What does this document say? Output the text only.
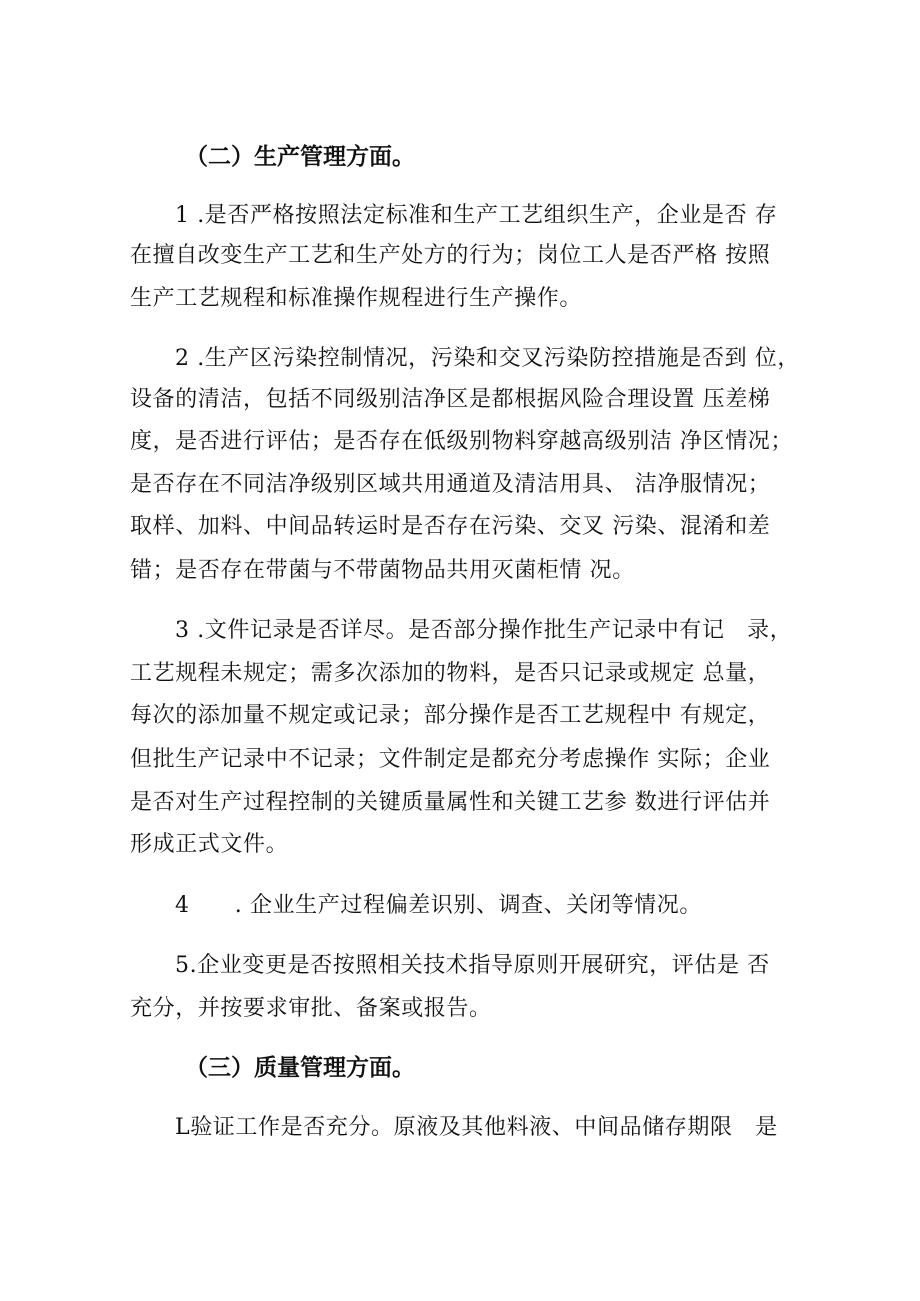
（二）生产管理方面。
1 .是否严格按照法定标准和生产工艺组织生产，企业是否 存
在擅自改变生产工艺和生产处方的行为；岗位工人是否严格 按照
生产工艺规程和标准操作规程进行生产操作。
2 .生产区污染控制情况，污染和交叉污染防控措施是否到 位，
设备的清洁，包括不同级别洁净区是都根据风险合理设置 压差梯
度，是否进行评估；是否存在低级别物料穿越高级别洁 净区情况；
是否存在不同洁净级别区域共用通道及清洁用具、 洁净服情况；
取样、加料、中间品转运时是否存在污染、交叉 污染、混淆和差
错；是否存在带菌与不带菌物品共用灭菌柜情 况。
3 .文件记录是否详尽。是否部分操作批生产记录中有记　录，
工艺规程未规定；需多次添加的物料，是否只记录或规定 总量，
每次的添加量不规定或记录；部分操作是否工艺规程中 有规定，
但批生产记录中不记录；文件制定是都充分考虑操作 实际；企业
是否对生产过程控制的关键质量属性和关键工艺参 数进行评估并
形成正式文件。
4　　. 企业生产过程偏差识别、调查、关闭等情况。
5.企业变更是否按照相关技术指导原则开展研究，评估是 否
充分，并按要求审批、备案或报告。
（三）质量管理方面。
L验证工作是否充分。原液及其他料液、中间品储存期限　是
